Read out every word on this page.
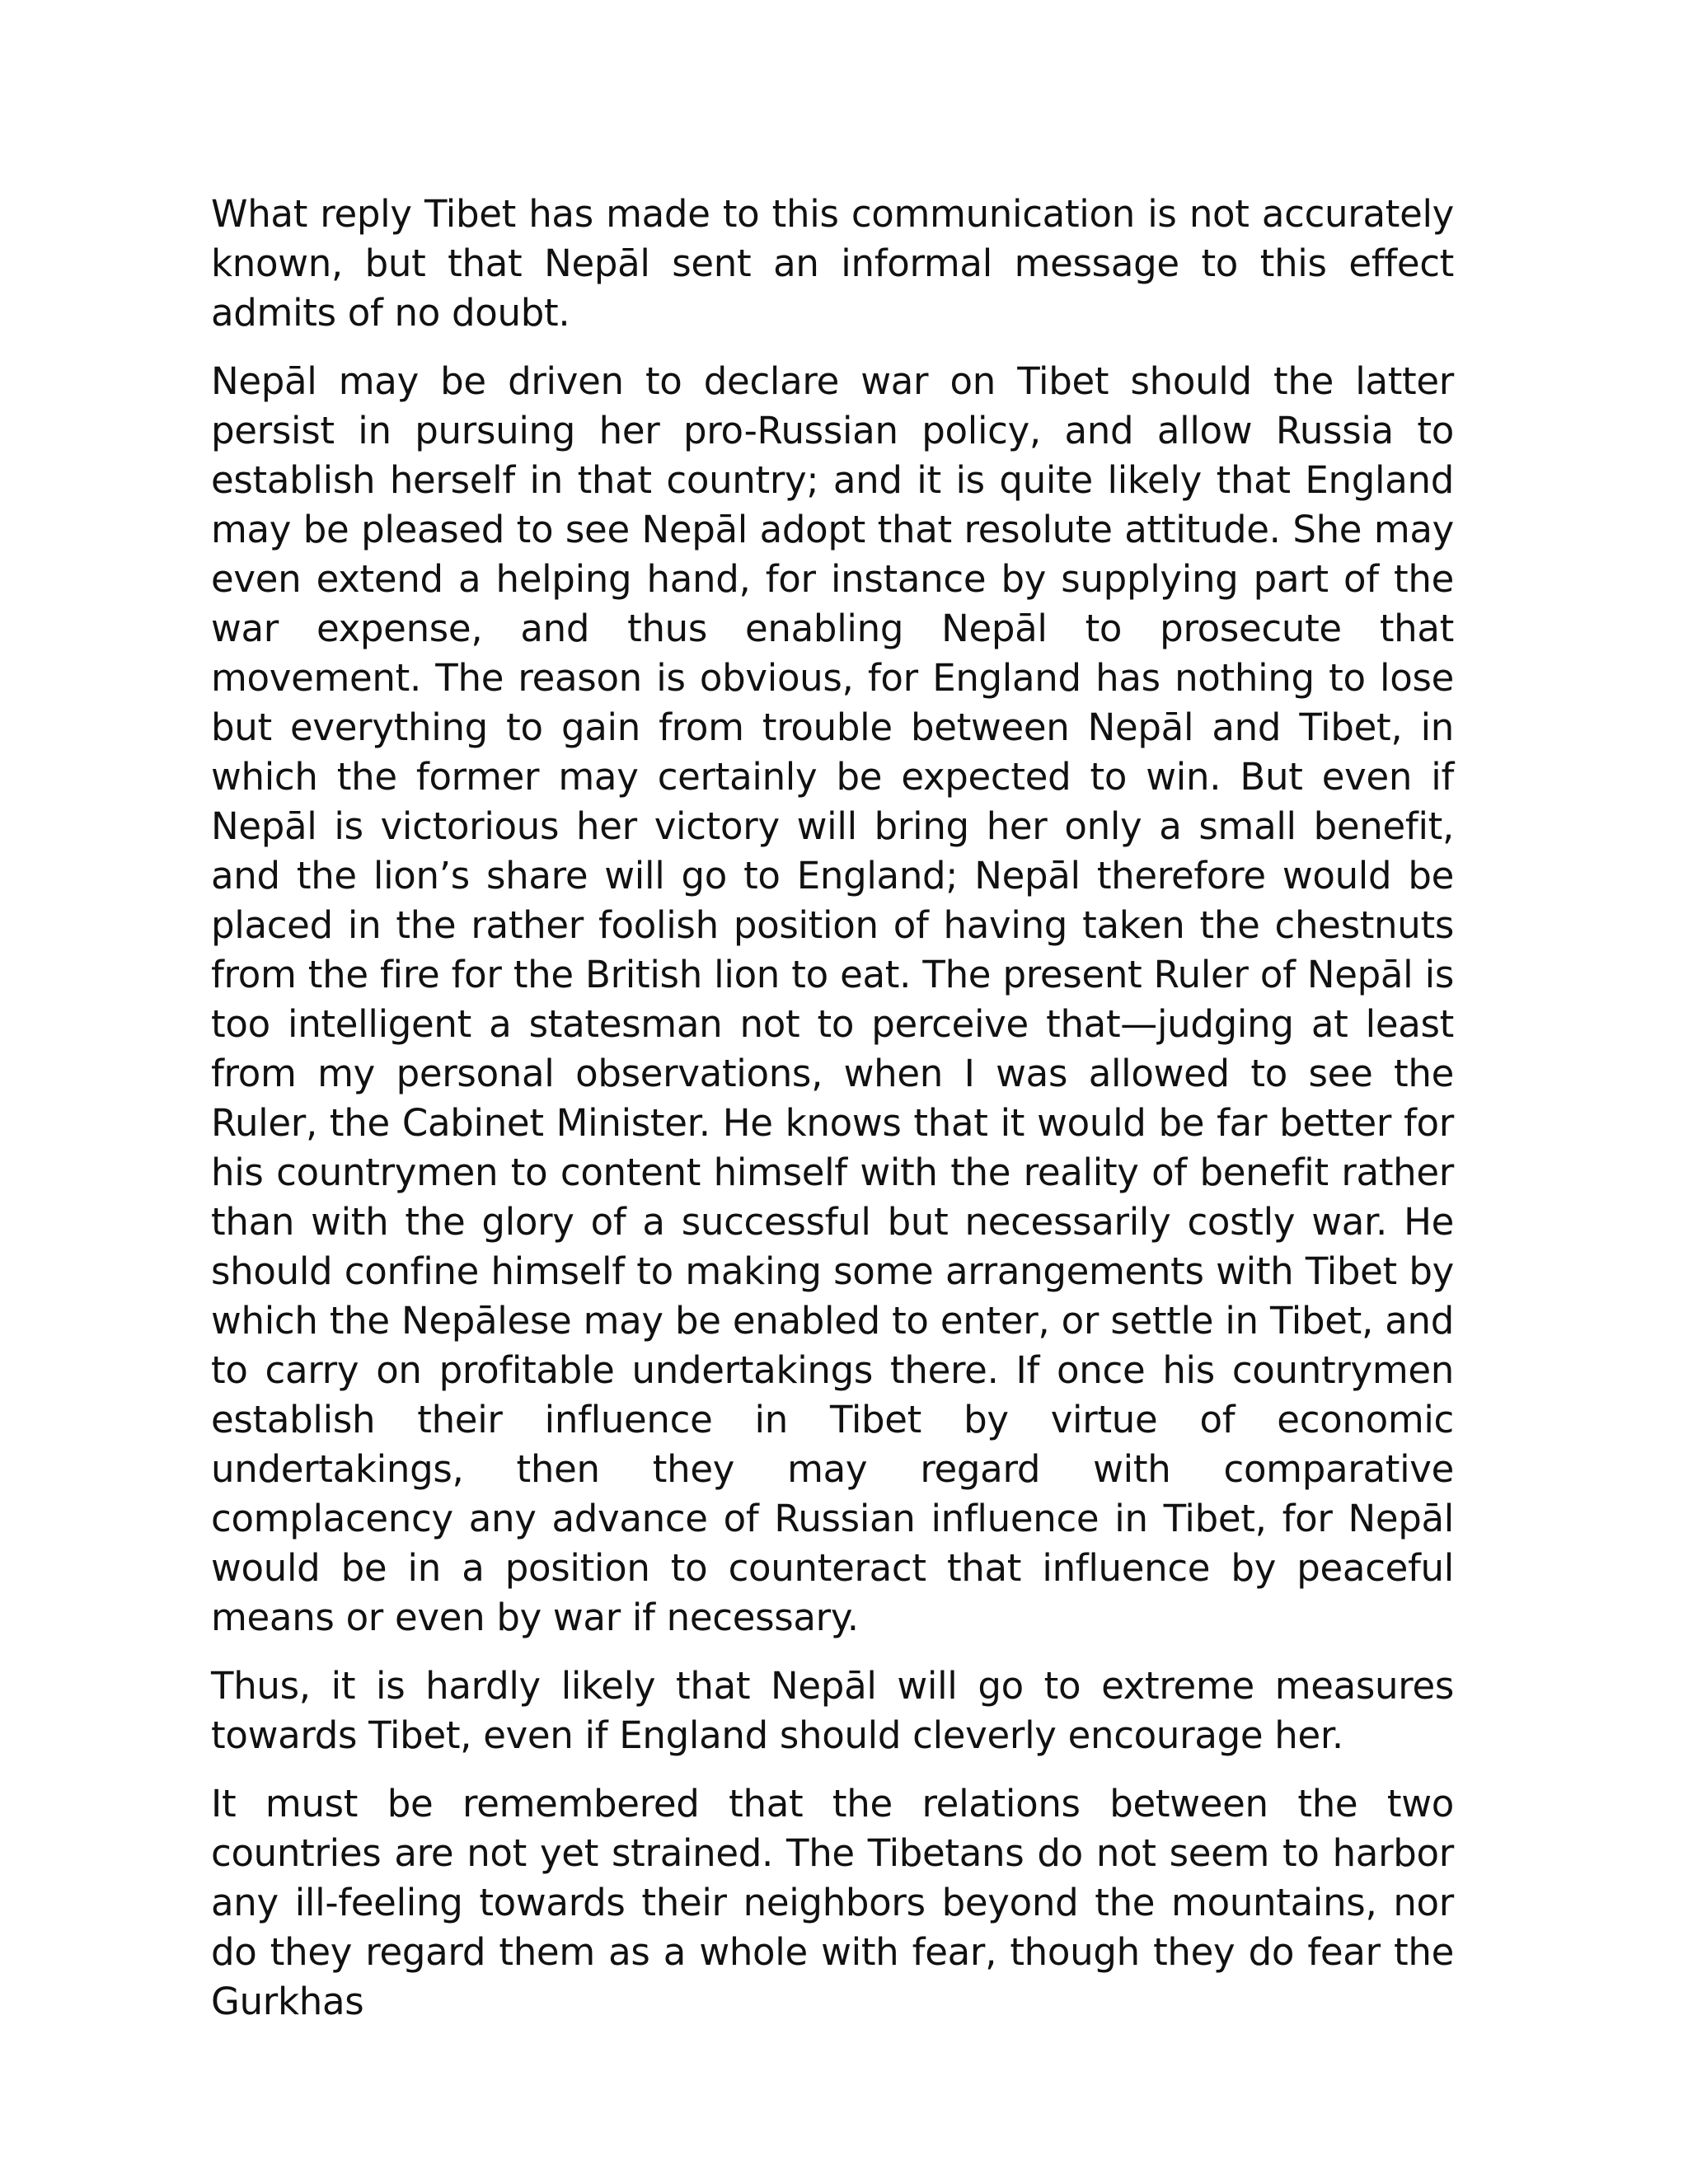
What reply Tibet has made to this communication is not accurately known, but that Nepāl sent an informal message to this effect admits of no doubt.

Nepāl may be driven to declare war on Tibet should the latter persist in pursuing her pro-Russian policy, and allow Russia to establish herself in that country; and it is quite likely that England may be pleased to see Nepāl adopt that resolute attitude. She may even extend a helping hand, for instance by supplying part of the war expense, and thus enabling Nepāl to prosecute that movement. The reason is obvious, for England has nothing to lose but everything to gain from trouble between Nepāl and Tibet, in which the former may certainly be expected to win. But even if Nepāl is victorious her victory will bring her only a small benefit, and the lion’s share will go to England; Nepāl therefore would be placed in the rather foolish position of having taken the chestnuts from the fire for the British lion to eat. The present Ruler of Nepāl is too intelligent a statesman not to perceive that—judging at least from my personal observations, when I was allowed to see the Ruler, the Cabinet Minister. He knows that it would be far better for his countrymen to content himself with the reality of benefit rather than with the glory of a successful but necessarily costly war. He should confine himself to making some arrangements with Tibet by which the Nepālese may be enabled to enter, or settle in Tibet, and to carry on profitable undertakings there. If once his countrymen establish their influence in Tibet by virtue of economic undertakings, then they may regard with comparative complacency any advance of Russian influence in Tibet, for Nepāl would be in a position to counteract that influence by peaceful means or even by war if necessary.

Thus, it is hardly likely that Nepāl will go to extreme measures towards Tibet, even if England should cleverly encourage her.

It must be remembered that the relations between the two countries are not yet strained. The Tibetans do not seem to harbor any ill-feeling towards their neighbors beyond the mountains, nor do they regard them as a whole with fear, though they do fear the Gurkhas
